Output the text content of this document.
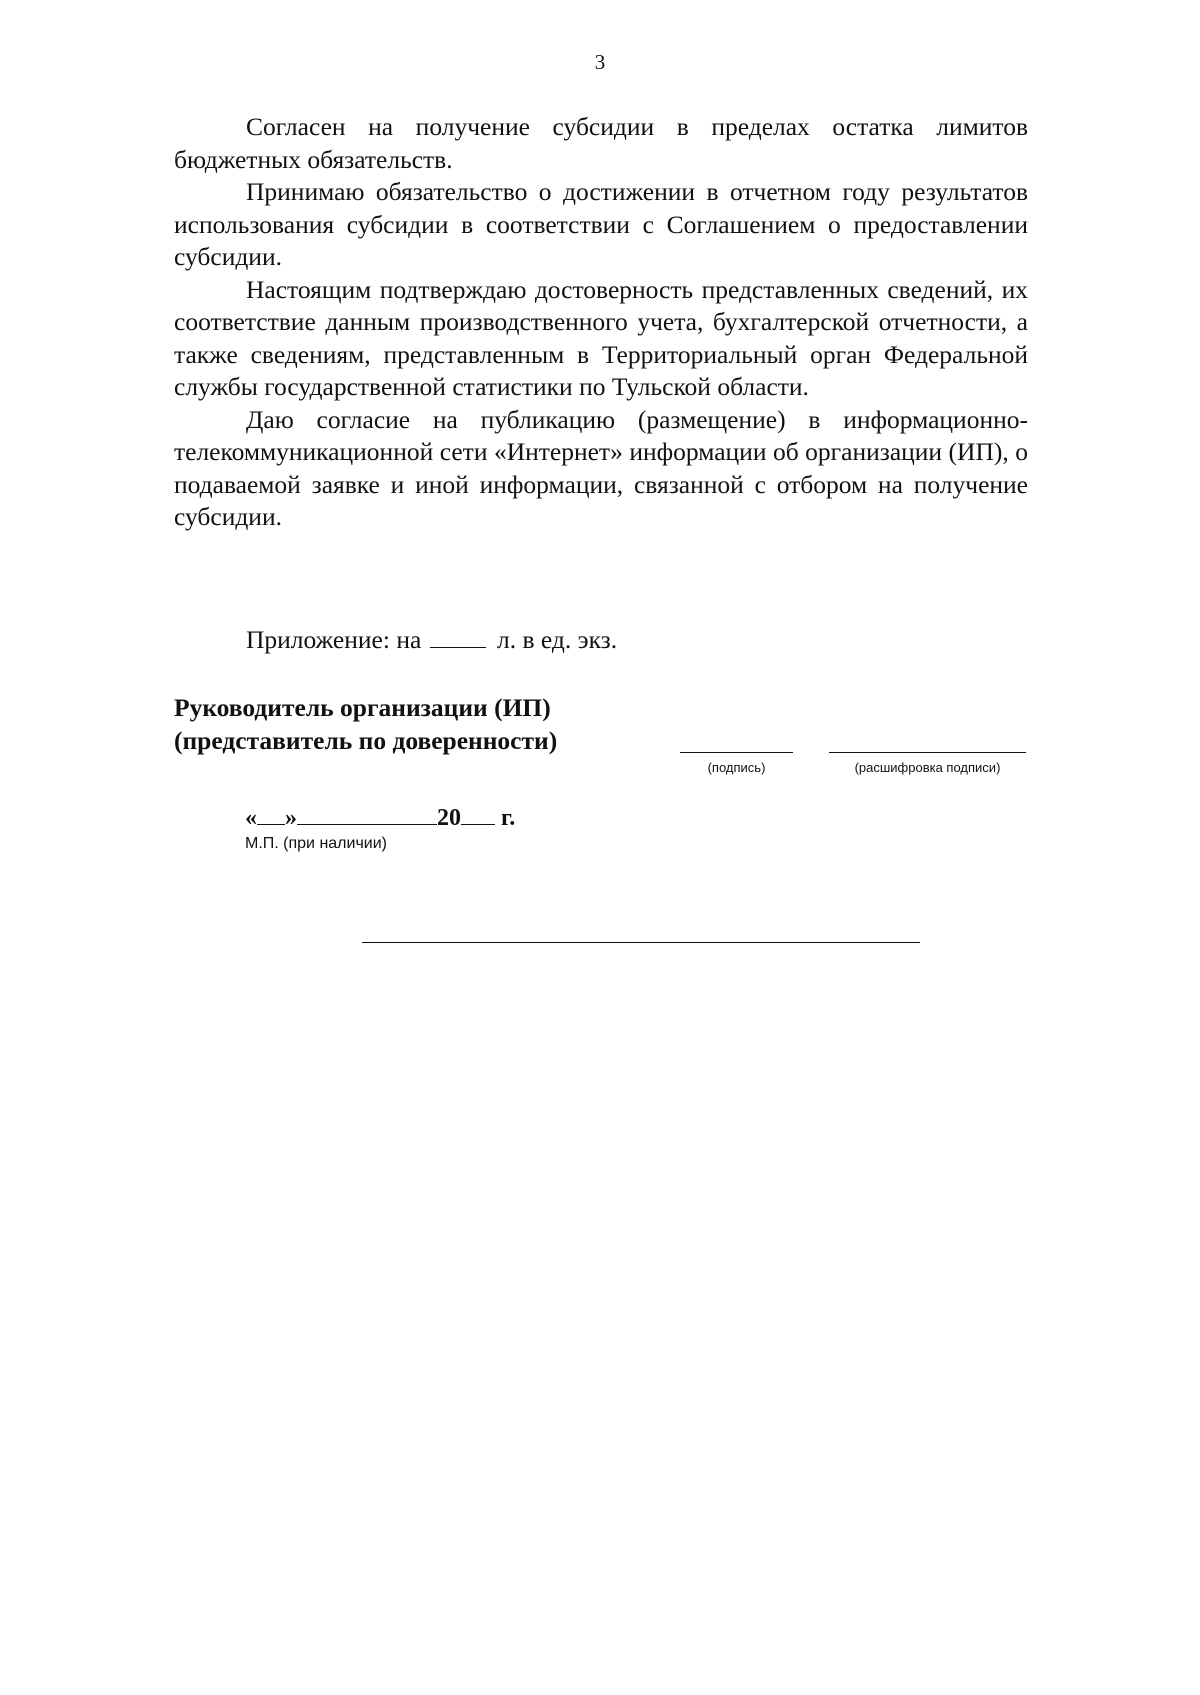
3

Согласен на получение субсидии в пределах остатка лимитов бюджетных обязательств.

Принимаю обязательство о достижении в отчетном году результатов использования субсидии в соответствии с Соглашением о предоставлении субсидии.

Настоящим подтверждаю достоверность представленных сведений, их соответствие данным производственного учета, бухгалтерской отчетности, а также сведениям, представленным в Территориальный орган Федеральной службы государственной статистики по Тульской области.

Даю согласие на публикацию (размещение) в информационно-телекоммуникационной сети «Интернет» информации об организации (ИП), о подаваемой заявке и иной информации, связанной с отбором на получение субсидии.

Приложение: на	л. в ед. экз.
Руководитель организации (ИП)
(представитель по доверенности)
(подпись)	(расшифровка подписи)
« »	20 г.
М.П. (при наличии)
